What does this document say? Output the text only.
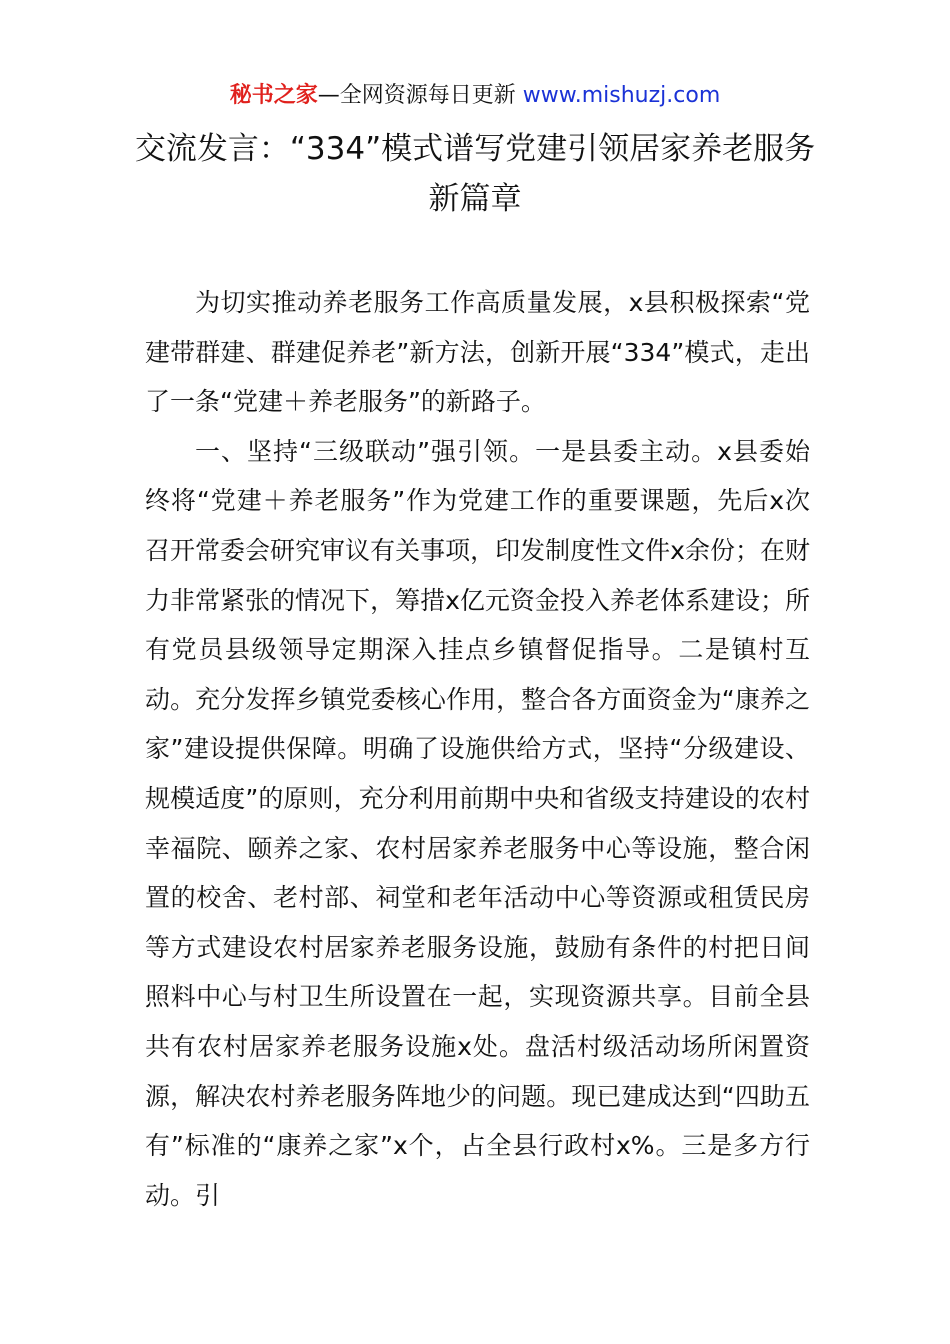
秘书之家—全网资源每日更新 www.mishuzj.com
交流发言：“334”模式谱写党建引领居家养老服务新篇章

为切实推动养老服务工作高质量发展，x县积极探索“党建带群建、群建促养老”新方法，创新开展“334”模式，走出了一条“党建＋养老服务”的新路子。

一、坚持“三级联动”强引领。一是县委主动。x县委始终将“党建＋养老服务”作为党建工作的重要课题，先后x次召开常委会研究审议有关事项，印发制度性文件x余份；在财力非常紧张的情况下，筹措x亿元资金投入养老体系建设；所有党员县级领导定期深入挂点乡镇督促指导。二是镇村互动。充分发挥乡镇党委核心作用，整合各方面资金为“康养之家”建设提供保障。明确了设施供给方式，坚持“分级建设、规模适度”的原则，充分利用前期中央和省级支持建设的农村幸福院、颐养之家、农村居家养老服务中心等设施，整合闲置的校舍、老村部、祠堂和老年活动中心等资源或租赁民房等方式建设农村居家养老服务设施，鼓励有条件的村把日间照料中心与村卫生所设置在一起，实现资源共享。目前全县共有农村居家养老服务设施x处。盘活村级活动场所闲置资源，解决农村养老服务阵地少的问题。现已建成达到“四助五有”标准的“康养之家”x个，占全县行政村x%。三是多方行动。引
